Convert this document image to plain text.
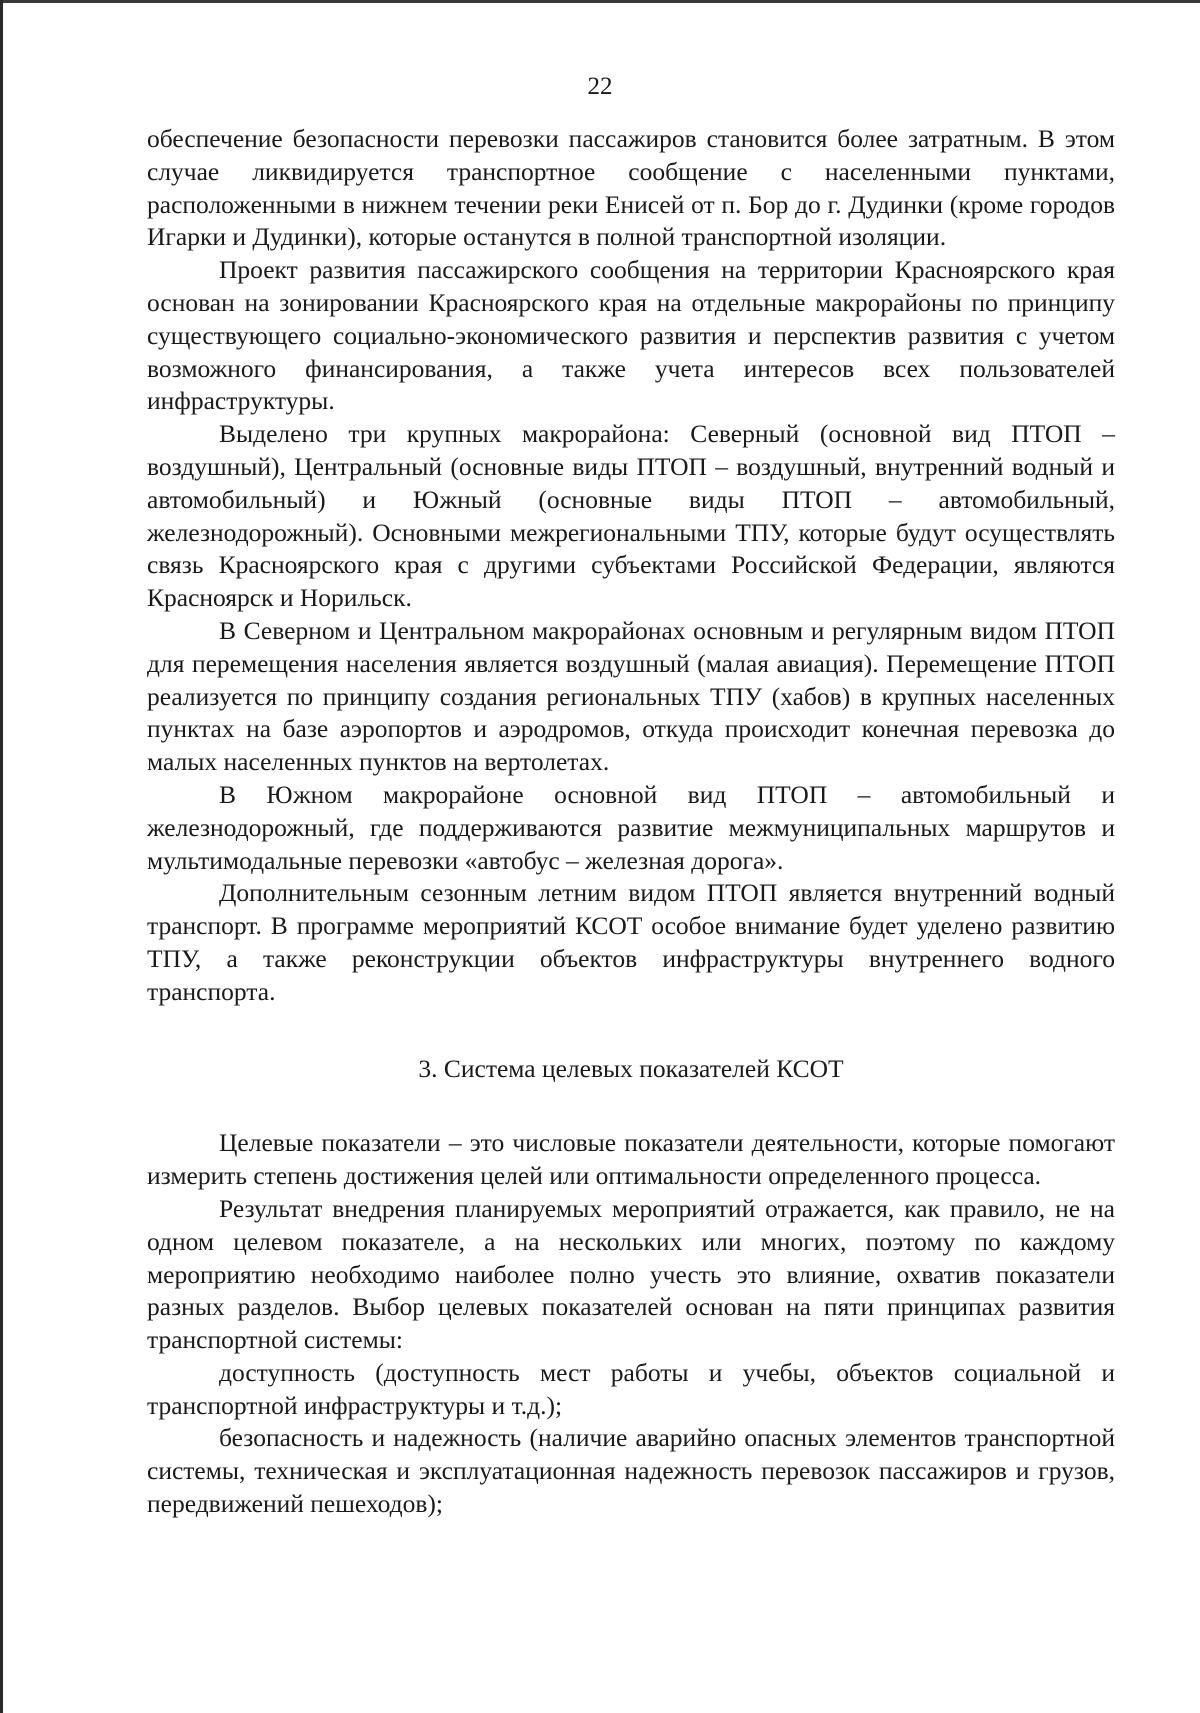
22

обеспечение безопасности перевозки пассажиров становится более затратным. В этом случае ликвидируется транспортное сообщение с населенными пунктами, расположенными в нижнем течении реки Енисей от п. Бор до г. Дудинки (кроме городов Игарки и Дудинки), которые останутся в полной транспортной изоляции.

Проект развития пассажирского сообщения на территории Красноярского края основан на зонировании Красноярского края на отдельные макрорайоны по принципу существующего социально-экономического развития и перспектив развития с учетом возможного финансирования, а также учета интересов всех пользователей инфраструктуры.

Выделено три крупных макрорайона: Северный (основной вид ПТОП – воздушный), Центральный (основные виды ПТОП – воздушный, внутренний водный и автомобильный) и Южный (основные виды ПТОП – автомобильный, железнодорожный). Основными межрегиональными ТПУ, которые будут осуществлять связь Красноярского края с другими субъектами Российской Федерации, являются Красноярск и Норильск.

В Северном и Центральном макрорайонах основным и регулярным видом ПТОП для перемещения населения является воздушный (малая авиация). Перемещение ПТОП реализуется по принципу создания региональных ТПУ (хабов) в крупных населенных пунктах на базе аэропортов и аэродромов, откуда происходит конечная перевозка до малых населенных пунктов на вертолетах.

В Южном макрорайоне основной вид ПТОП – автомобильный и железнодорожный, где поддерживаются развитие межмуниципальных маршрутов и мультимодальные перевозки «автобус – железная дорога».

Дополнительным сезонным летним видом ПТОП является внутренний водный транспорт. В программе мероприятий КСОТ особое внимание будет уделено развитию ТПУ, а также реконструкции объектов инфраструктуры внутреннего водного транспорта.

3. Система целевых показателей КСОТ

Целевые показатели – это числовые показатели деятельности, которые помогают измерить степень достижения целей или оптимальности определенного процесса.

Результат внедрения планируемых мероприятий отражается, как правило, не на одном целевом показателе, а на нескольких или многих, поэтому по каждому мероприятию необходимо наиболее полно учесть это влияние, охватив показатели разных разделов. Выбор целевых показателей основан на пяти принципах развития транспортной системы:

доступность (доступность мест работы и учебы, объектов социальной и транспортной инфраструктуры и т.д.);

безопасность и надежность (наличие аварийно опасных элементов транспортной системы, техническая и эксплуатационная надежность перевозок пассажиров и грузов, передвижений пешеходов);
